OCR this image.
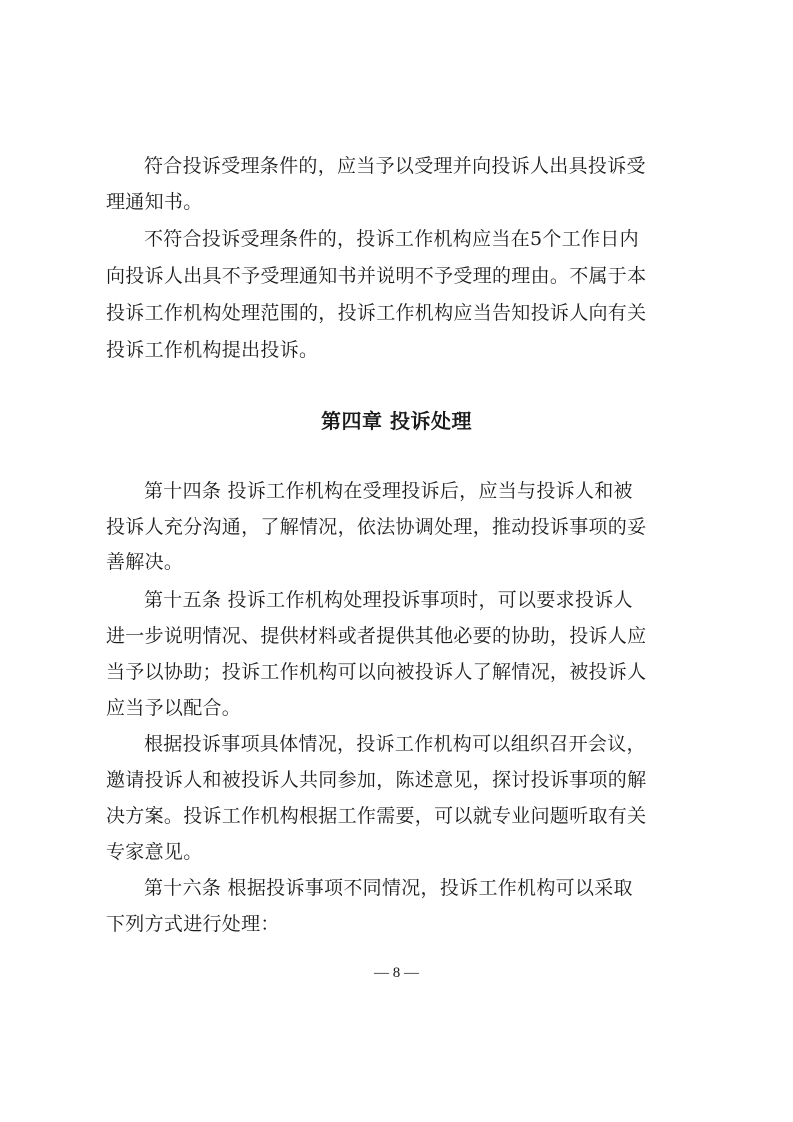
符合投诉受理条件的，应当予以受理并向投诉人出具投诉受
理通知书。
不符合投诉受理条件的，投诉工作机构应当在5个工作日内
向投诉人出具不予受理通知书并说明不予受理的理由。不属于本
投诉工作机构处理范围的，投诉工作机构应当告知投诉人向有关
投诉工作机构提出投诉。
第四章 投诉处理
第十四条 投诉工作机构在受理投诉后，应当与投诉人和被
投诉人充分沟通，了解情况，依法协调处理，推动投诉事项的妥
善解决。
第十五条 投诉工作机构处理投诉事项时，可以要求投诉人
进一步说明情况、提供材料或者提供其他必要的协助，投诉人应
当予以协助；投诉工作机构可以向被投诉人了解情况，被投诉人
应当予以配合。
根据投诉事项具体情况，投诉工作机构可以组织召开会议，
邀请投诉人和被投诉人共同参加，陈述意见，探讨投诉事项的解
决方案。投诉工作机构根据工作需要，可以就专业问题听取有关
专家意见。
第十六条 根据投诉事项不同情况，投诉工作机构可以采取
下列方式进行处理：
— 8 —
